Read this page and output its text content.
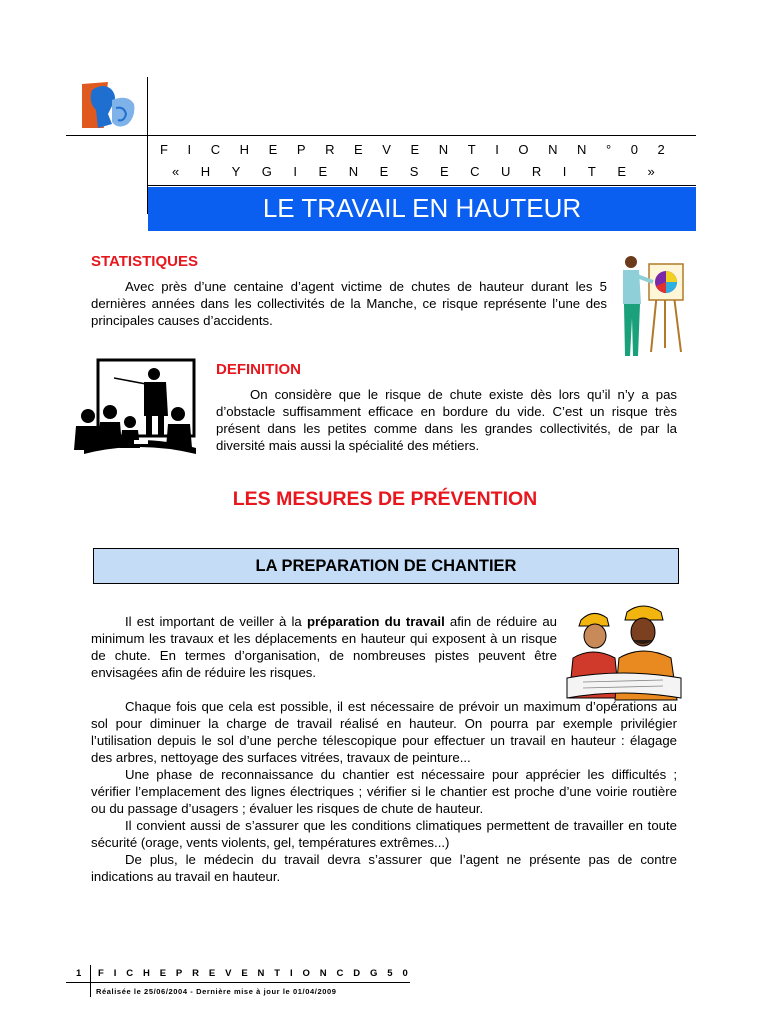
F I C H E P R E V E N T I O N N ° 0 2
« H Y G I E N E S E C U R I T E »
LE TRAVAIL EN HAUTEUR
STATISTIQUES
Avec près d’une centaine d’agent victime de chutes de hauteur durant les 5 dernières années dans les collectivités de la Manche, ce risque représente l’une des principales causes d’accidents.
DEFINITION
On considère que le risque de chute existe dès lors qu’il n’y a pas d’obstacle suffisamment efficace en bordure du vide. C’est un risque très présent dans les petites comme dans les grandes collectivités, de par la diversité mais aussi la spécialité des métiers.
LES MESURES DE PRÉVENTION
LA PREPARATION DE CHANTIER
Il est important de veiller à la préparation du travail afin de réduire au minimum les travaux et les déplacements en hauteur qui exposent à un risque de chute. En termes d’organisation, de nombreuses pistes peuvent être envisagées afin de réduire les risques.
Chaque fois que cela est possible, il est nécessaire de prévoir un maximum d’opérations au sol pour diminuer la charge de travail réalisé en hauteur. On pourra par exemple privilégier l’utilisation depuis le sol d’une perche télescopique pour effectuer un travail en hauteur : élagage des arbres, nettoyage des surfaces vitrées, travaux de peinture...
Une phase de reconnaissance du chantier est nécessaire pour apprécier les difficultés ; vérifier l’emplacement des lignes électriques ; vérifier si le chantier est proche d’une voirie routière ou du passage d’usagers ; évaluer les risques de chute de hauteur.
Il convient aussi de s’assurer que les conditions climatiques permettent de travailler en toute sécurité (orage, vents violents, gel, températures extrêmes...)
De plus, le médecin du travail devra s’assurer que l’agent ne présente pas de contre indications au travail en hauteur.
1 F I C H E P R E V E N T I O N C D G 5 0
Réalisée le 25/06/2004 - Dernière mise à jour le 01/04/2009
